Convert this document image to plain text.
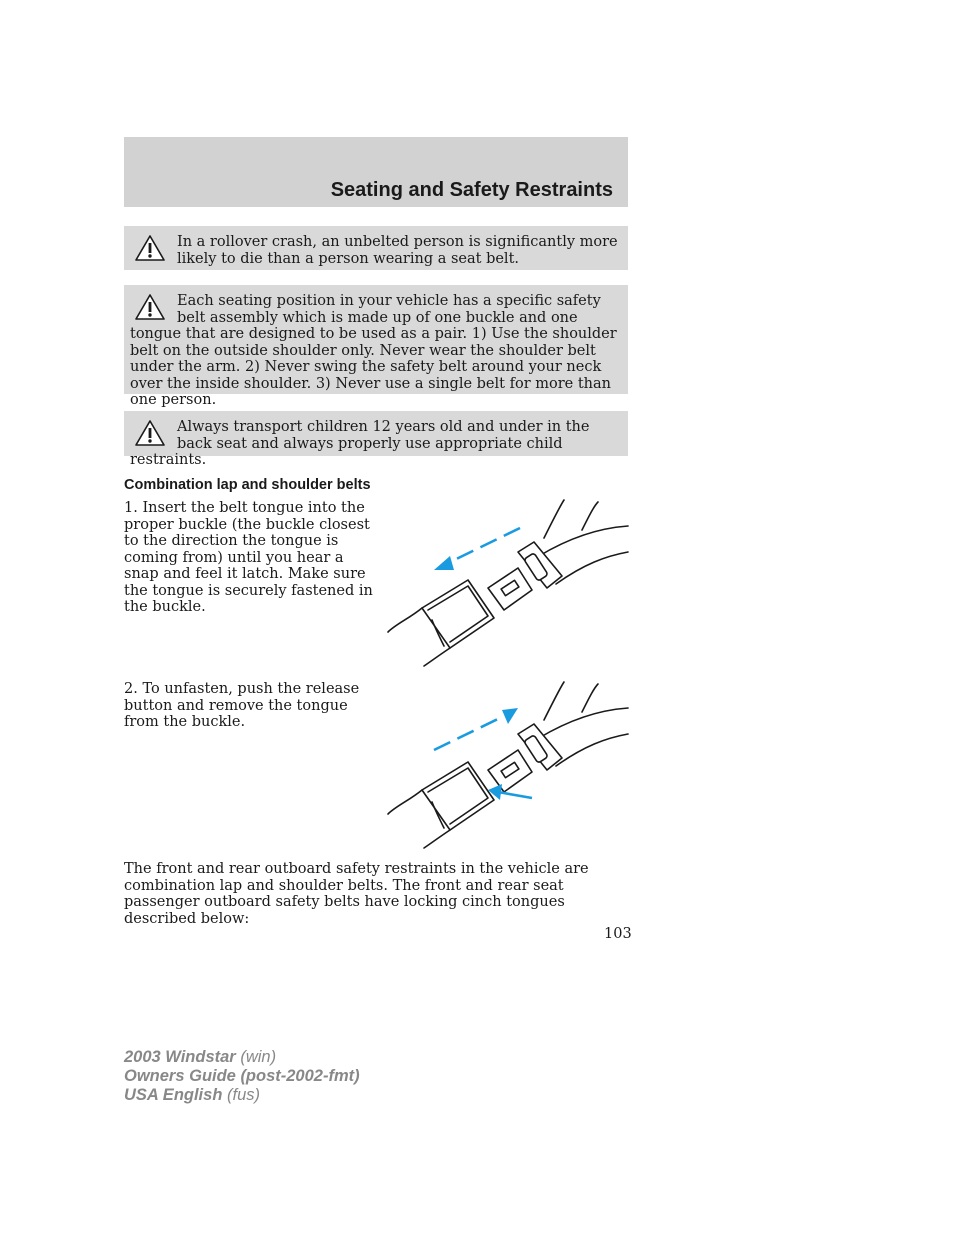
Seating and Safety Restraints

In a rollover crash, an unbelted person is significantly more likely to die than a person wearing a seat belt.

Each seating position in your vehicle has a specific safety belt assembly which is made up of one buckle and one tongue that are designed to be used as a pair. 1) Use the shoulder belt on the outside shoulder only. Never wear the shoulder belt under the arm. 2) Never swing the safety belt around your neck over the inside shoulder. 3) Never use a single belt for more than one person.

Always transport children 12 years old and under in the back seat and always properly use appropriate child restraints.

Combination lap and shoulder belts

1. Insert the belt tongue into the proper buckle (the buckle closest to the direction the tongue is coming from) until you hear a snap and feel it latch. Make sure the tongue is securely fastened in the buckle.

2. To unfasten, push the release button and remove the tongue from the buckle.

The front and rear outboard safety restraints in the vehicle are combination lap and shoulder belts. The front and rear seat passenger outboard safety belts have locking cinch tongues described below:

103

2003 Windstar (win)
Owners Guide (post-2002-fmt)
USA English (fus)
